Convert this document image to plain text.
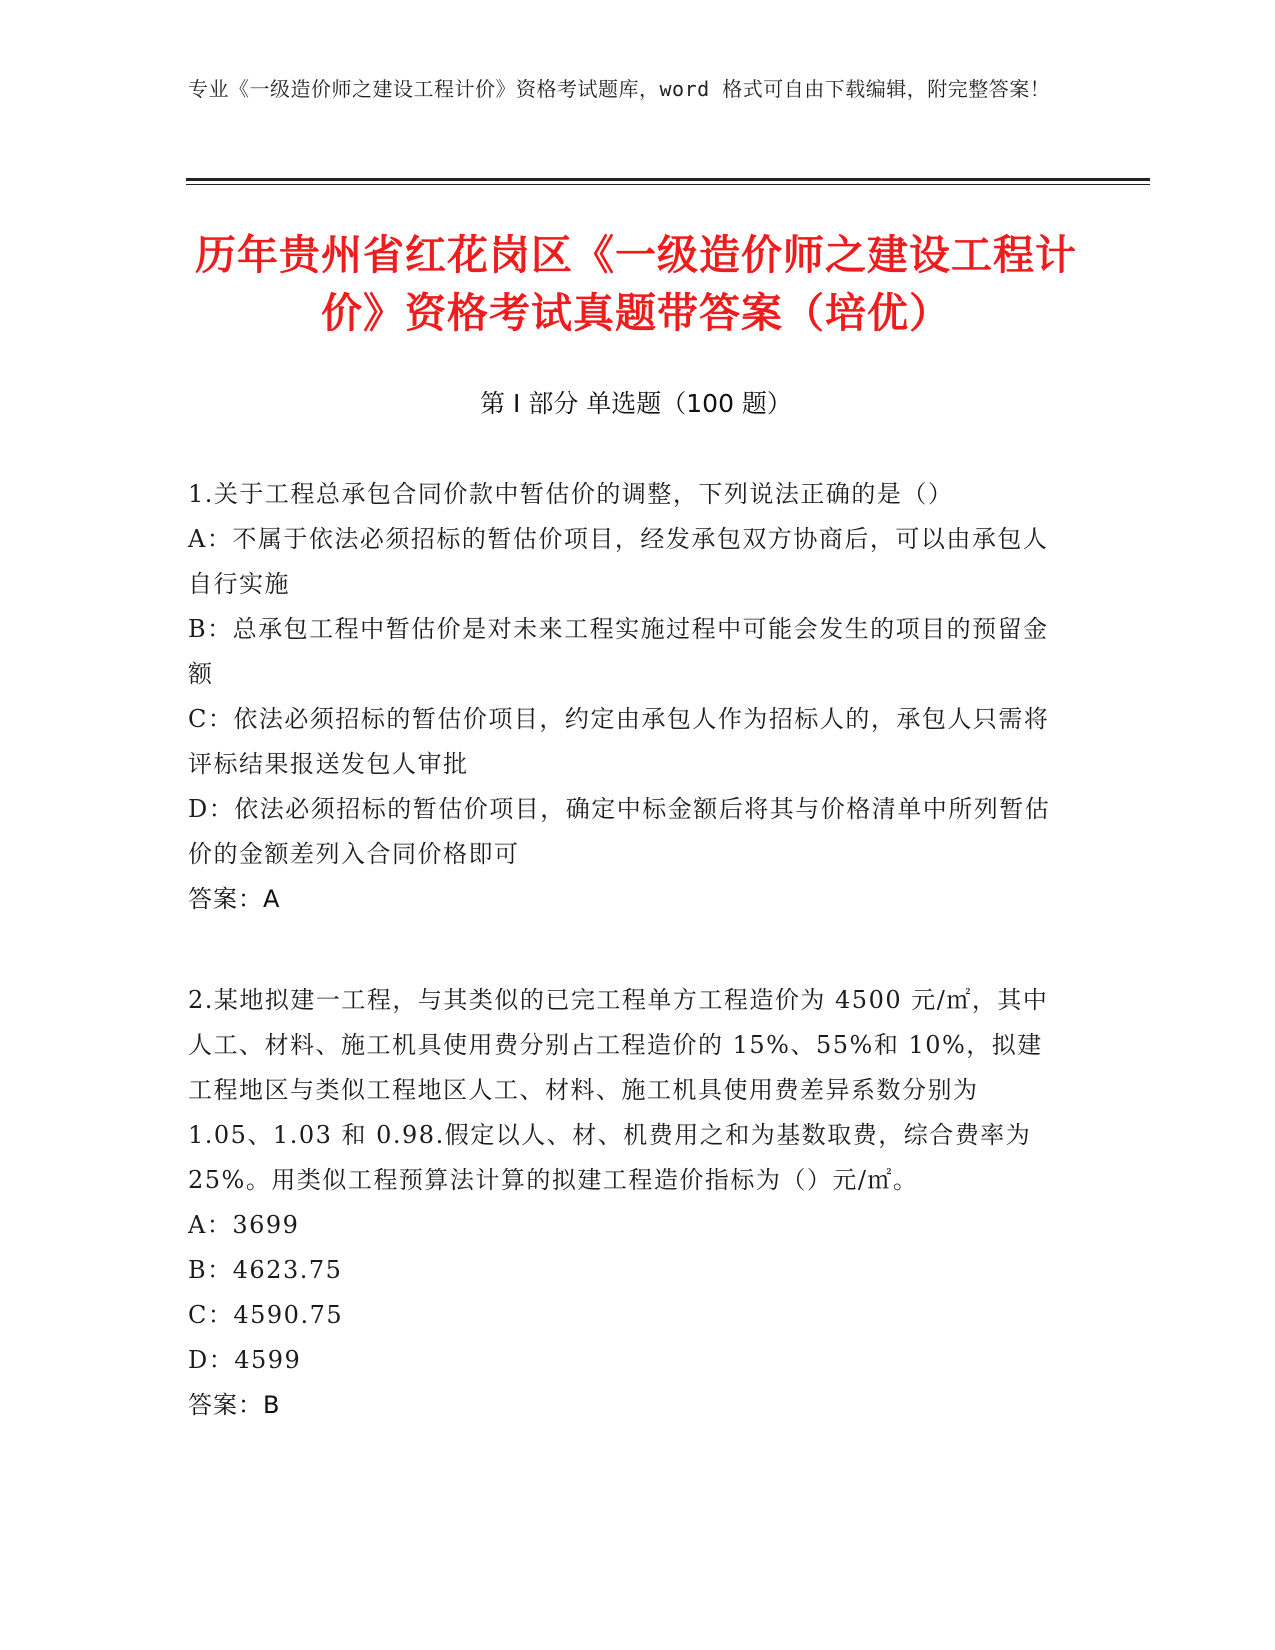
专业《一级造价师之建设工程计价》资格考试题库，word 格式可自由下载编辑，附完整答案！
历年贵州省红花岗区《一级造价师之建设工程计价》资格考试真题带答案（培优）
第 I 部分 单选题（100 题）
1.关于工程总承包合同价款中暂估价的调整，下列说法正确的是（）
A：不属于依法必须招标的暂估价项目，经发承包双方协商后，可以由承包人自行实施
B：总承包工程中暂估价是对未来工程实施过程中可能会发生的项目的预留金额
C：依法必须招标的暂估价项目，约定由承包人作为招标人的，承包人只需将评标结果报送发包人审批
D：依法必须招标的暂估价项目，确定中标金额后将其与价格清单中所列暂估价的金额差列入合同价格即可
答案：A
2.某地拟建一工程，与其类似的已完工程单方工程造价为 4500 元/㎡，其中人工、材料、施工机具使用费分别占工程造价的 15%、55%和 10%，拟建工程地区与类似工程地区人工、材料、施工机具使用费差异系数分别为 1.05、1.03 和 0.98.假定以人、材、机费用之和为基数取费，综合费率为 25%。用类似工程预算法计算的拟建工程造价指标为（）元/㎡。
A：3699
B：4623.75
C：4590.75
D：4599
答案：B
